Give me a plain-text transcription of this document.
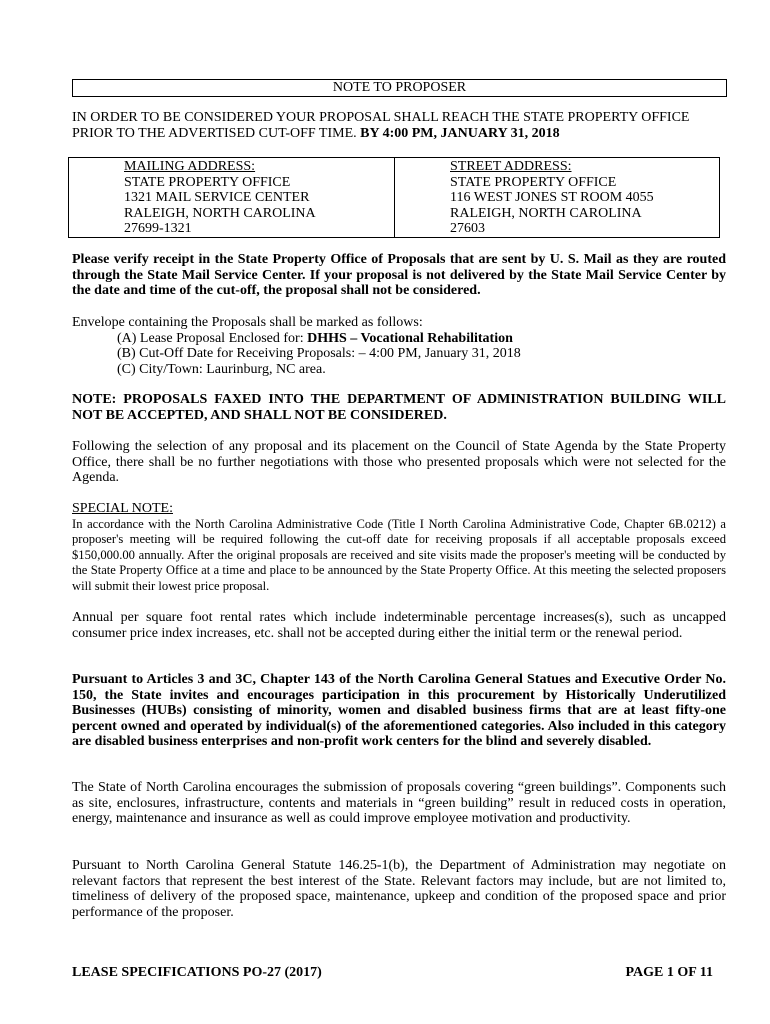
NOTE TO PROPOSER
IN ORDER TO BE CONSIDERED YOUR PROPOSAL SHALL REACH THE STATE PROPERTY OFFICE PRIOR TO THE ADVERTISED CUT-OFF TIME. BY 4:00 PM, JANUARY 31, 2018
MAILING ADDRESS:
STATE PROPERTY OFFICE
1321 MAIL SERVICE CENTER
RALEIGH, NORTH CAROLINA
27699-1321
STREET ADDRESS:
STATE PROPERTY OFFICE
116 WEST JONES ST ROOM 4055
RALEIGH, NORTH CAROLINA
27603
Please verify receipt in the State Property Office of Proposals that are sent by U. S. Mail as they are routed through the State Mail Service Center. If your proposal is not delivered by the State Mail Service Center by the date and time of the cut-off, the proposal shall not be considered.
Envelope containing the Proposals shall be marked as follows:
(A) Lease Proposal Enclosed for: DHHS – Vocational Rehabilitation
(B) Cut-Off Date for Receiving Proposals: – 4:00 PM, January 31, 2018
(C) City/Town: Laurinburg, NC area.
NOTE: PROPOSALS FAXED INTO THE DEPARTMENT OF ADMINISTRATION BUILDING WILL NOT BE ACCEPTED, AND SHALL NOT BE CONSIDERED.
Following the selection of any proposal and its placement on the Council of State Agenda by the State Property Office, there shall be no further negotiations with those who presented proposals which were not selected for the Agenda.
SPECIAL NOTE:
In accordance with the North Carolina Administrative Code (Title I North Carolina Administrative Code, Chapter 6B.0212) a proposer's meeting will be required following the cut-off date for receiving proposals if all acceptable proposals exceed $150,000.00 annually. After the original proposals are received and site visits made the proposer's meeting will be conducted by the State Property Office at a time and place to be announced by the State Property Office. At this meeting the selected proposers will submit their lowest price proposal.
Annual per square foot rental rates which include indeterminable percentage increases(s), such as uncapped consumer price index increases, etc. shall not be accepted during either the initial term or the renewal period.
Pursuant to Articles 3 and 3C, Chapter 143 of the North Carolina General Statues and Executive Order No. 150, the State invites and encourages participation in this procurement by Historically Underutilized Businesses (HUBs) consisting of minority, women and disabled business firms that are at least fifty-one percent owned and operated by individual(s) of the aforementioned categories. Also included in this category are disabled business enterprises and non-profit work centers for the blind and severely disabled.
The State of North Carolina encourages the submission of proposals covering “green buildings”. Components such as site, enclosures, infrastructure, contents and materials in “green building” result in reduced costs in operation, energy, maintenance and insurance as well as could improve employee motivation and productivity.
Pursuant to North Carolina General Statute 146.25-1(b), the Department of Administration may negotiate on relevant factors that represent the best interest of the State. Relevant factors may include, but are not limited to, timeliness of delivery of the proposed space, maintenance, upkeep and condition of the proposed space and prior performance of the proposer.
LEASE SPECIFICATIONS PO-27 (2017)	PAGE 1 OF 11
